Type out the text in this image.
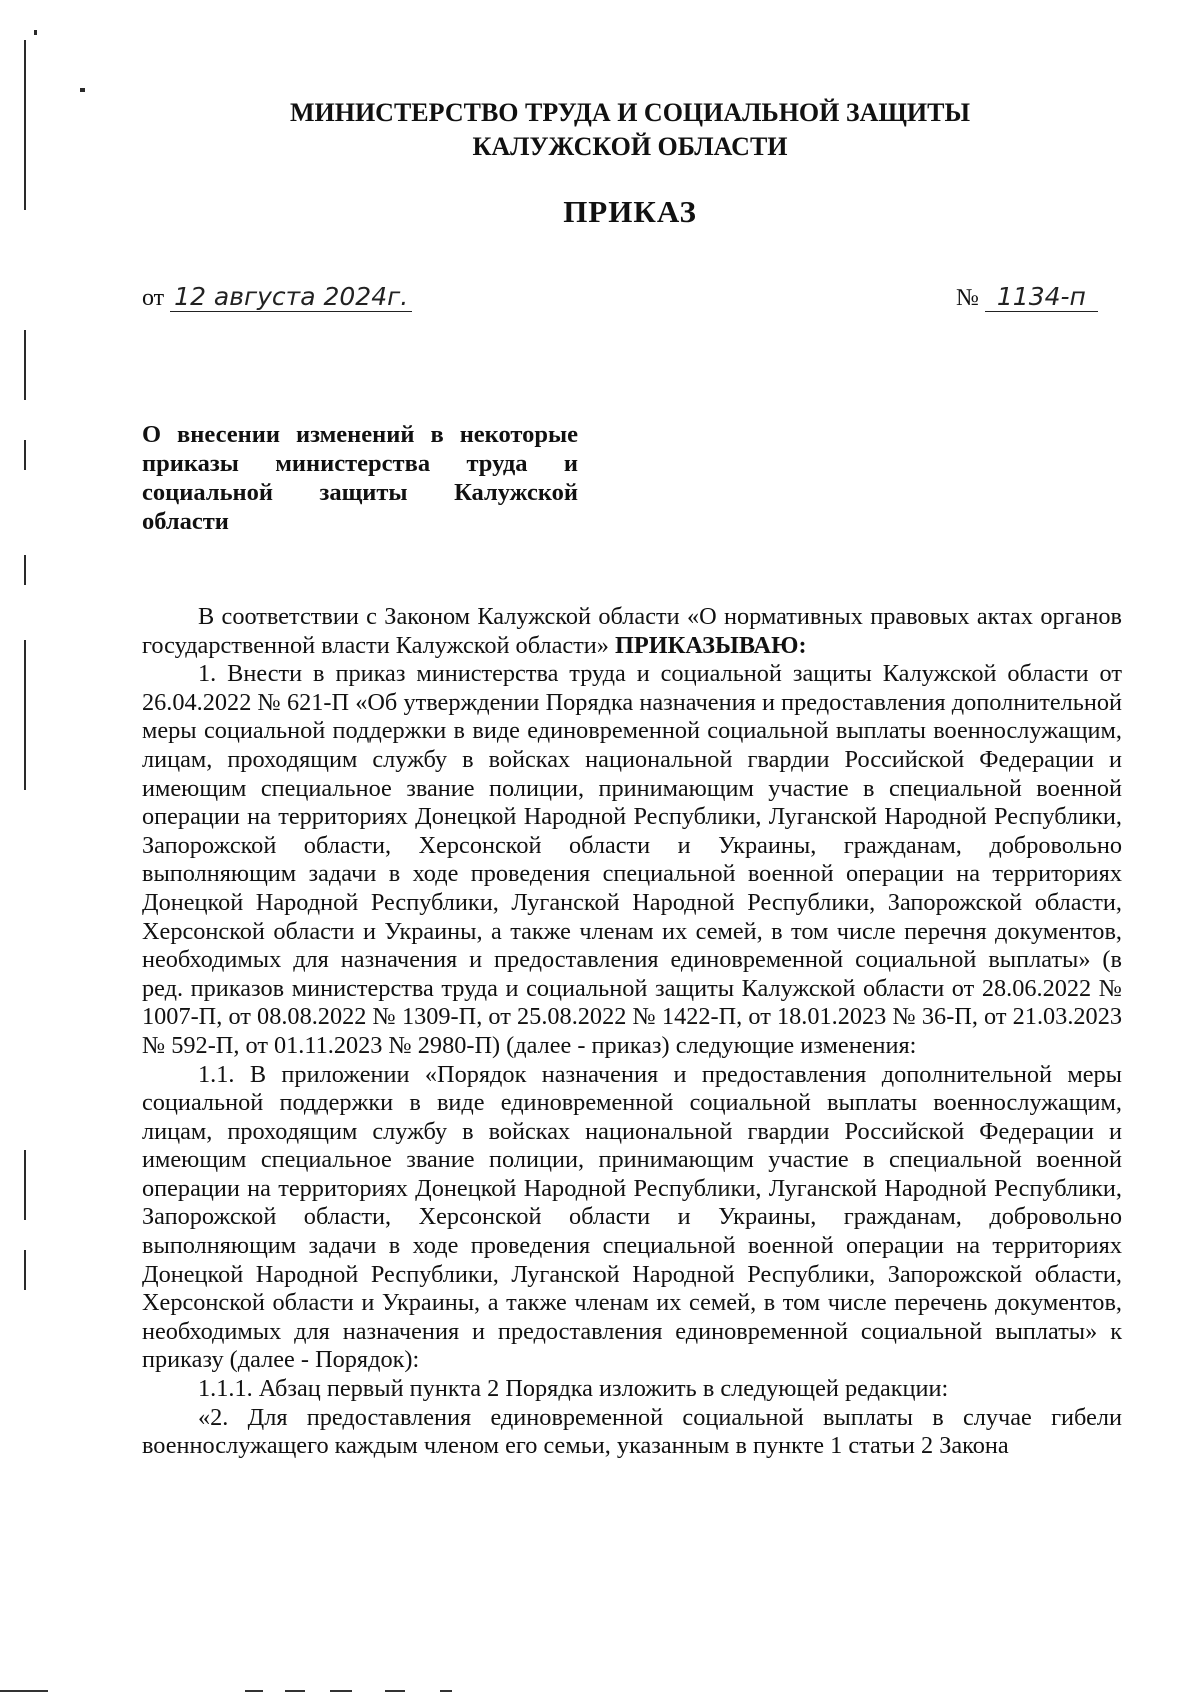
МИНИСТЕРСТВО ТРУДА И СОЦИАЛЬНОЙ ЗАЩИТЫ
КАЛУЖСКОЙ ОБЛАСТИ
ПРИКАЗ
от 12 августа 2024г.	№ 1134-п
О внесении изменений в некоторые приказы министерства труда и социальной защиты Калужской области

В соответствии с Законом Калужской области «О нормативных правовых актах органов государственной власти Калужской области» ПРИКАЗЫВАЮ:

1. Внести в приказ министерства труда и социальной защиты Калужской области от 26.04.2022 № 621-П «Об утверждении Порядка назначения и предоставления дополнительной меры социальной поддержки в виде единовременной социальной выплаты военнослужащим, лицам, проходящим службу в войсках национальной гвардии Российской Федерации и имеющим специальное звание полиции, принимающим участие в специальной военной операции на территориях Донецкой Народной Республики, Луганской Народной Республики, Запорожской области, Херсонской области и Украины, гражданам, добровольно выполняющим задачи в ходе проведения специальной военной операции на территориях Донецкой Народной Республики, Луганской Народной Республики, Запорожской области, Херсонской области и Украины, а также членам их семей, в том числе перечня документов, необходимых для назначения и предоставления единовременной социальной выплаты» (в ред. приказов министерства труда и социальной защиты Калужской области от 28.06.2022 № 1007-П, от 08.08.2022 № 1309-П, от 25.08.2022 № 1422-П, от 18.01.2023 № 36-П, от 21.03.2023 № 592-П, от 01.11.2023 № 2980-П) (далее - приказ) следующие изменения:

1.1. В приложении «Порядок назначения и предоставления дополнительной меры социальной поддержки в виде единовременной социальной выплаты военнослужащим, лицам, проходящим службу в войсках национальной гвардии Российской Федерации и имеющим специальное звание полиции, принимающим участие в специальной военной операции на территориях Донецкой Народной Республики, Луганской Народной Республики, Запорожской области, Херсонской области и Украины, гражданам, добровольно выполняющим задачи в ходе проведения специальной военной операции на территориях Донецкой Народной Республики, Луганской Народной Республики, Запорожской области, Херсонской области и Украины, а также членам их семей, в том числе перечень документов, необходимых для назначения и предоставления единовременной социальной выплаты» к приказу (далее - Порядок):

1.1.1. Абзац первый пункта 2 Порядка изложить в следующей редакции:

«2. Для предоставления единовременной социальной выплаты в случае гибели военнослужащего каждым членом его семьи, указанным в пункте 1 статьи 2 Закона
